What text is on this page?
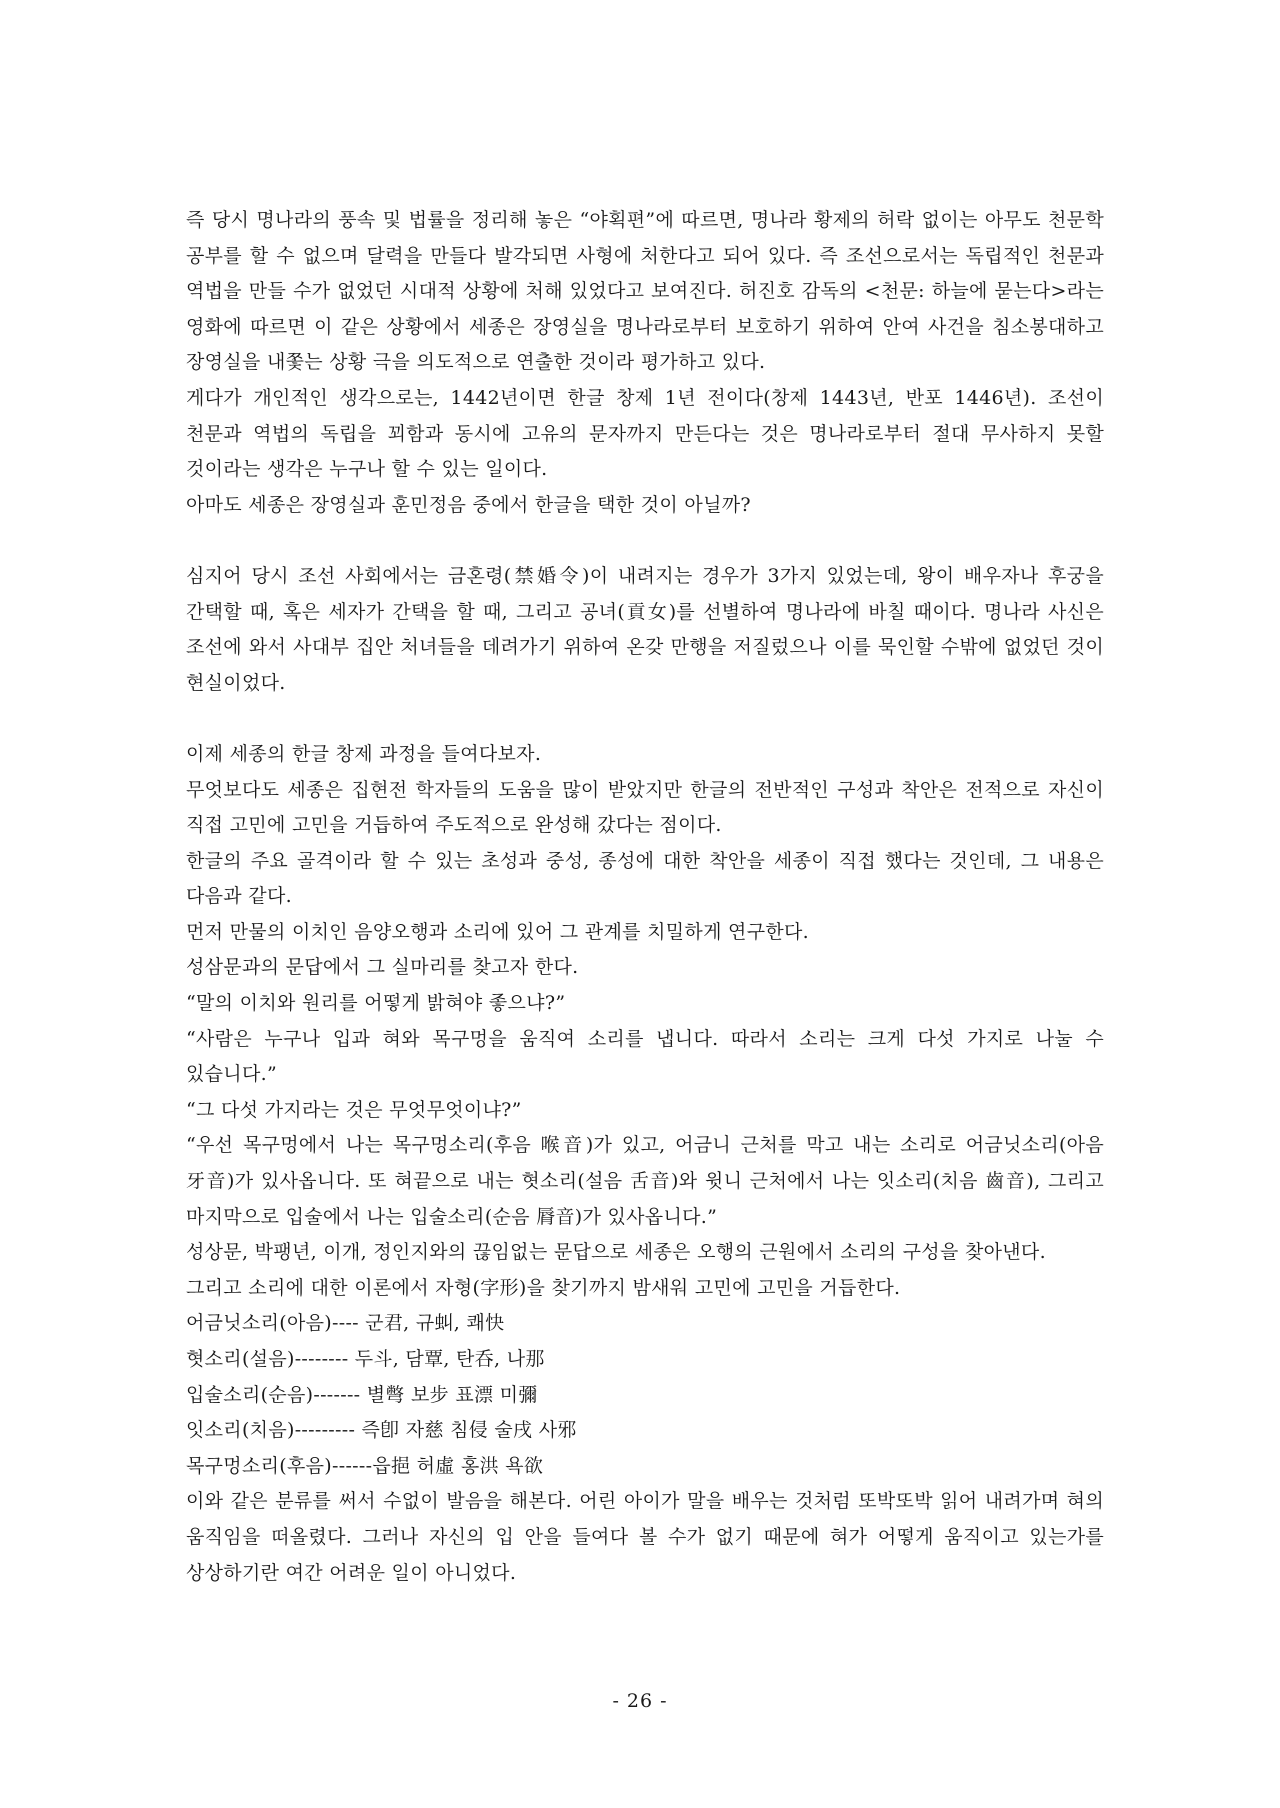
즉 당시 명나라의 풍속 및 법률을 정리해 놓은 “야획편”에 따르면, 명나라 황제의 허락 없이는 아무도 천문학 공부를 할 수 없으며 달력을 만들다 발각되면 사형에 처한다고 되어 있다. 즉 조선으로서는 독립적인 천문과 역법을 만들 수가 없었던 시대적 상황에 처해 있었다고 보여진다. 허진호 감독의 <천문: 하늘에 묻는다>라는 영화에 따르면 이 같은 상황에서 세종은 장영실을 명나라로부터 보호하기 위하여 안여 사건을 침소봉대하고 장영실을 내쫓는 상황 극을 의도적으로 연출한 것이라 평가하고 있다.

게다가 개인적인 생각으로는, 1442년이면 한글 창제 1년 전이다(창제 1443년, 반포 1446년). 조선이 천문과 역법의 독립을 꾀함과 동시에 고유의 문자까지 만든다는 것은 명나라로부터 절대 무사하지 못할 것이라는 생각은 누구나 할 수 있는 일이다.

아마도 세종은 장영실과 훈민정음 중에서 한글을 택한 것이 아닐까?

심지어 당시 조선 사회에서는 금혼령(禁婚令)이 내려지는 경우가 3가지 있었는데, 왕이 배우자나 후궁을 간택할 때, 혹은 세자가 간택을 할 때, 그리고 공녀(貢女)를 선별하여 명나라에 바칠 때이다. 명나라 사신은 조선에 와서 사대부 집안 처녀들을 데려가기 위하여 온갖 만행을 저질렀으나 이를 묵인할 수밖에 없었던 것이 현실이었다.

이제 세종의 한글 창제 과정을 들여다보자.

무엇보다도 세종은 집현전 학자들의 도움을 많이 받았지만 한글의 전반적인 구성과 착안은 전적으로 자신이 직접 고민에 고민을 거듭하여 주도적으로 완성해 갔다는 점이다.

한글의 주요 골격이라 할 수 있는 초성과 중성, 종성에 대한 착안을 세종이 직접 했다는 것인데, 그 내용은 다음과 같다.

먼저 만물의 이치인 음양오행과 소리에 있어 그 관계를 치밀하게 연구한다.

성삼문과의 문답에서 그 실마리를 찾고자 한다.

“말의 이치와 원리를 어떻게 밝혀야 좋으냐?”

“사람은 누구나 입과 혀와 목구멍을 움직여 소리를 냅니다. 따라서 소리는 크게 다섯 가지로 나눌 수 있습니다.”

“그 다섯 가지라는 것은 무엇무엇이냐?”

“우선 목구멍에서 나는 목구멍소리(후음 喉音)가 있고, 어금니 근처를 막고 내는 소리로 어금닛소리(아음 牙音)가 있사옵니다. 또 혀끝으로 내는 혓소리(설음 舌音)와 윗니 근처에서 나는 잇소리(치음 齒音), 그리고 마지막으로 입술에서 나는 입술소리(순음 脣音)가 있사옵니다.”

성상문, 박팽년, 이개, 정인지와의 끊임없는 문답으로 세종은 오행의 근원에서 소리의 구성을 찾아낸다.

그리고 소리에 대한 이론에서 자형(字形)을 찾기까지 밤새워 고민에 고민을 거듭한다.

어금닛소리(아음)---- 군君, 규虯, 쾌快

혓소리(설음)-------- 두斗, 담覃, 탄呑, 나那

입술소리(순음)------- 별彆 보步 표漂 미彌

잇소리(치음)--------- 즉卽 자慈 침侵 술戌 사邪

목구멍소리(후음)------읍挹 허虛 홍洪 욕欲

이와 같은 분류를 써서 수없이 발음을 해본다. 어린 아이가 말을 배우는 것처럼 또박또박 읽어 내려가며 혀의 움직임을 떠올렸다. 그러나 자신의 입 안을 들여다 볼 수가 없기 때문에 혀가 어떻게 움직이고 있는가를 상상하기란 여간 어려운 일이 아니었다.

- 26 -
